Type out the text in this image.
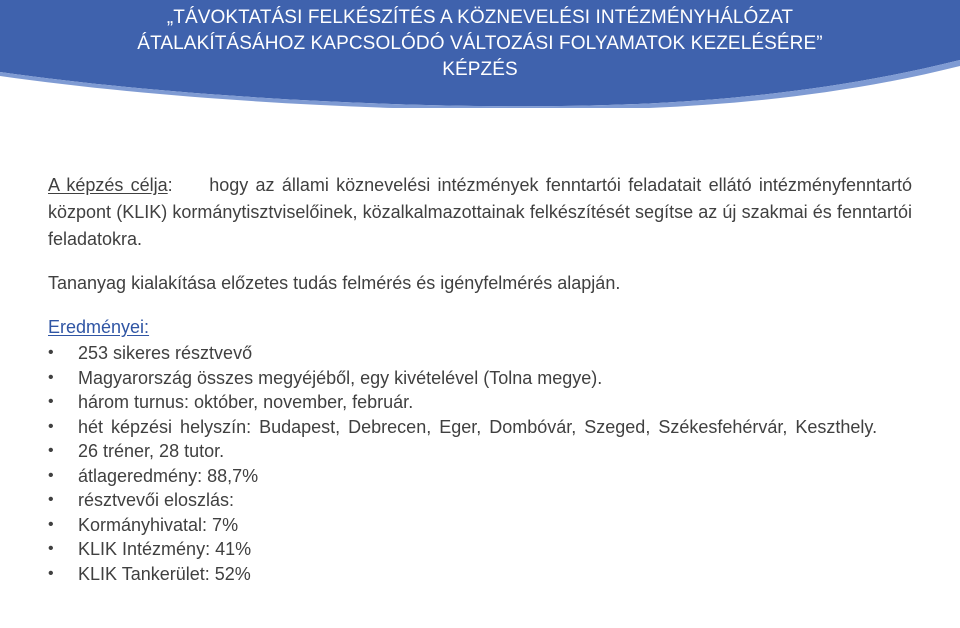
„TÁVOKTATÁSI FELKÉSZÍTÉS A KÖZNEVELÉSI INTÉZMÉNYHÁLÓZAT
ÁTALAKÍTÁSÁHOZ KAPCSOLÓDÓ VÁLTOZÁSI FOLYAMATOK KEZELÉSÉRE”
KÉPZÉS
A képzés célja: hogy az állami köznevelési intézmények fenntartói feladatait ellátó intézményfenntartó központ (KLIK) kormánytisztviselőinek, közalkalmazottainak felkészítését segítse az új szakmai és fenntartói feladatokra.
Tananyag kialakítása előzetes tudás felmérés és igényfelmérés alapján.
Eredményei:
•	253 sikeres résztvevő
•	Magyarország összes megyéjéből, egy kivételével (Tolna megye).
•	három turnus: október, november, február.
•	hét képzési helyszín: Budapest, Debrecen, Eger, Dombóvár, Szeged, Székesfehérvár, Keszthely.
•	26 tréner, 28 tutor.
•	átlageredmény: 88,7%
•	résztvevői eloszlás:
•	Kormányhivatal: 7%
•	KLIK Intézmény: 41%
•	KLIK Tankerület: 52%
